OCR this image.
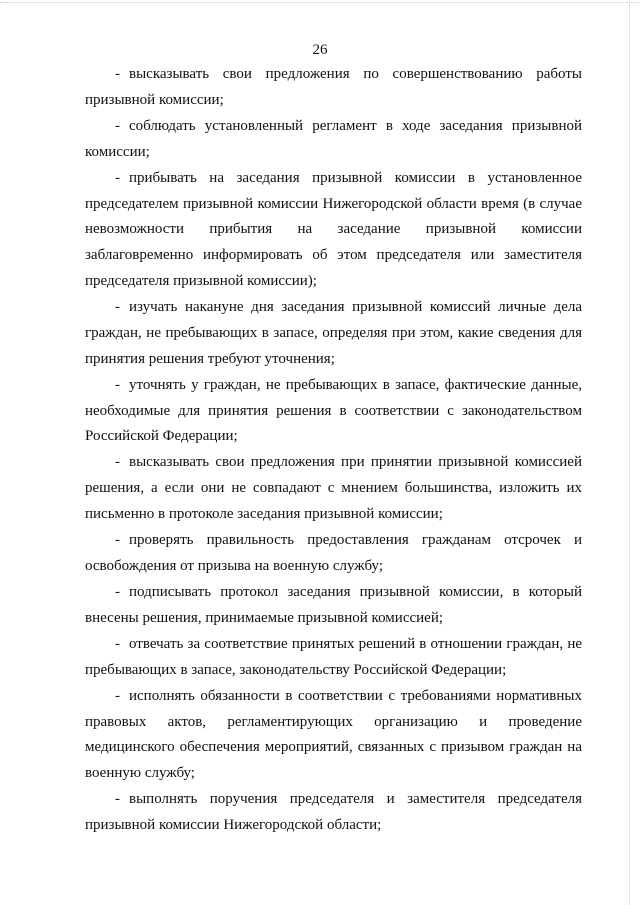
26

- высказывать свои предложения по совершенствованию работы призывной комиссии;

- соблюдать установленный регламент в ходе заседания призывной комиссии;

- прибывать на заседания призывной комиссии в установленное председателем призывной комиссии Нижегородской области время (в случае невозможности прибытия на заседание призывной комиссии заблаговременно информировать об этом председателя или заместителя председателя призывной комиссии);

- изучать накануне дня заседания призывной комиссий личные дела граждан, не пребывающих в запасе, определяя при этом, какие сведения для принятия решения требуют уточнения;

- уточнять у граждан, не пребывающих в запасе, фактические данные, необходимые для принятия решения в соответствии с законодательством Российской Федерации;

- высказывать свои предложения при принятии призывной комиссией решения, а если они не совпадают с мнением большинства, изложить их письменно в протоколе заседания призывной комиссии;

- проверять правильность предоставления гражданам отсрочек и освобождения от призыва на военную службу;

- подписывать протокол заседания призывной комиссии, в который внесены решения, принимаемые призывной комиссией;

- отвечать за соответствие принятых решений в отношении граждан, не пребывающих в запасе, законодательству Российской Федерации;

- исполнять обязанности в соответствии с требованиями нормативных правовых актов, регламентирующих организацию и проведение медицинского обеспечения мероприятий, связанных с призывом граждан на военную службу;

- выполнять поручения председателя и заместителя председателя призывной комиссии Нижегородской области;
